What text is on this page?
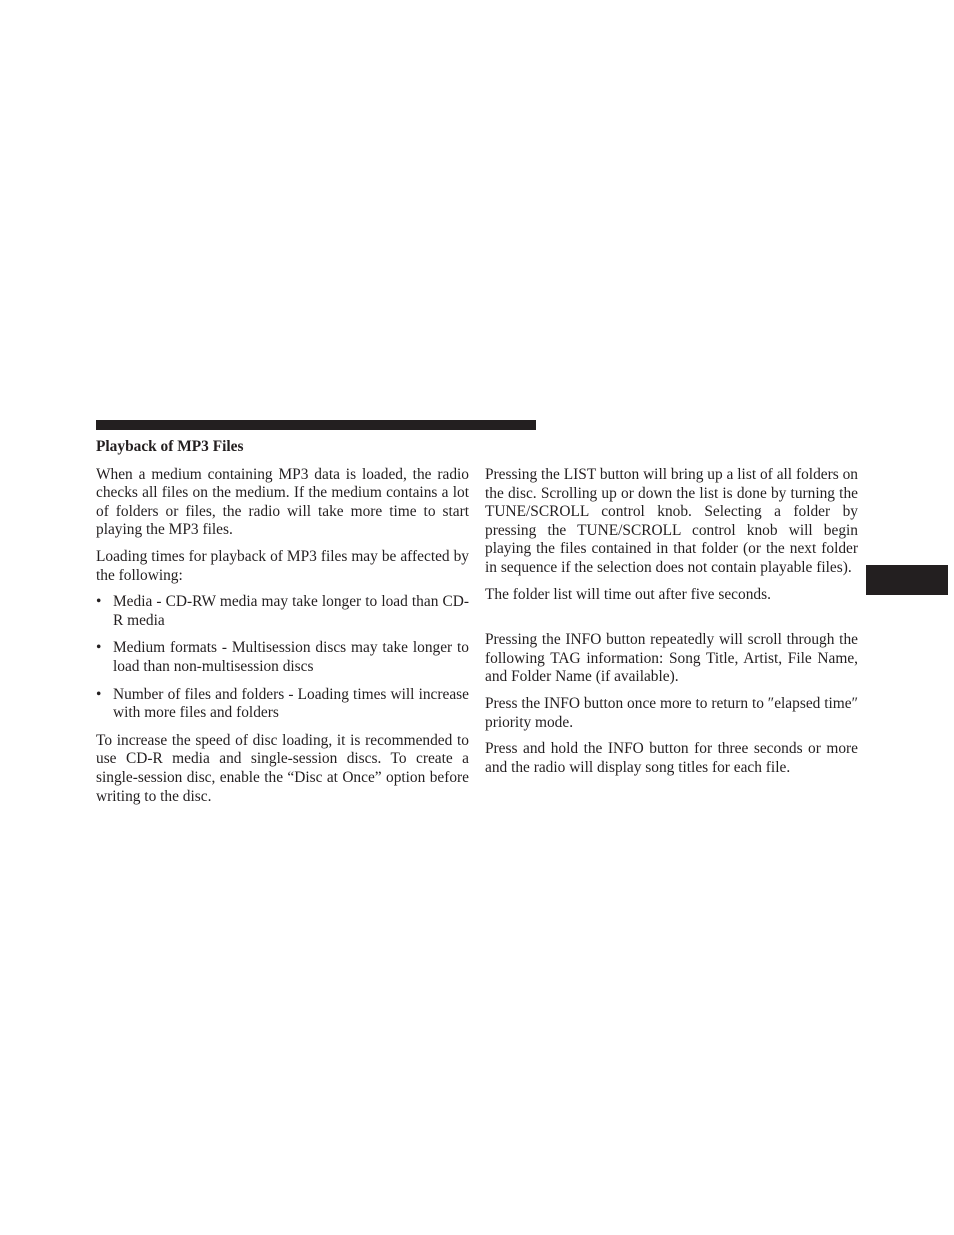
Playback of MP3 Files

When a medium containing MP3 data is loaded, the radio checks all files on the medium. If the medium contains a lot of folders or files, the radio will take more time to start playing the MP3 files.

Loading times for playback of MP3 files may be affected by the following:

• Media - CD-RW media may take longer to load than CD-R media
• Medium formats - Multisession discs may take longer to load than non-multisession discs
• Number of files and folders - Loading times will increase with more files and folders

To increase the speed of disc loading, it is recommended to use CD-R media and single-session discs. To create a single-session disc, enable the “Disc at Once” option before writing to the disc.

Pressing the LIST button will bring up a list of all folders on the disc. Scrolling up or down the list is done by turning the TUNE/SCROLL control knob. Selecting a folder by pressing the TUNE/SCROLL control knob will begin playing the files contained in that folder (or the next folder in sequence if the selection does not contain playable files).

The folder list will time out after five seconds.

Pressing the INFO button repeatedly will scroll through the following TAG information: Song Title, Artist, File Name, and Folder Name (if available).

Press the INFO button once more to return to ″elapsed time″ priority mode.

Press and hold the INFO button for three seconds or more and the radio will display song titles for each file.
